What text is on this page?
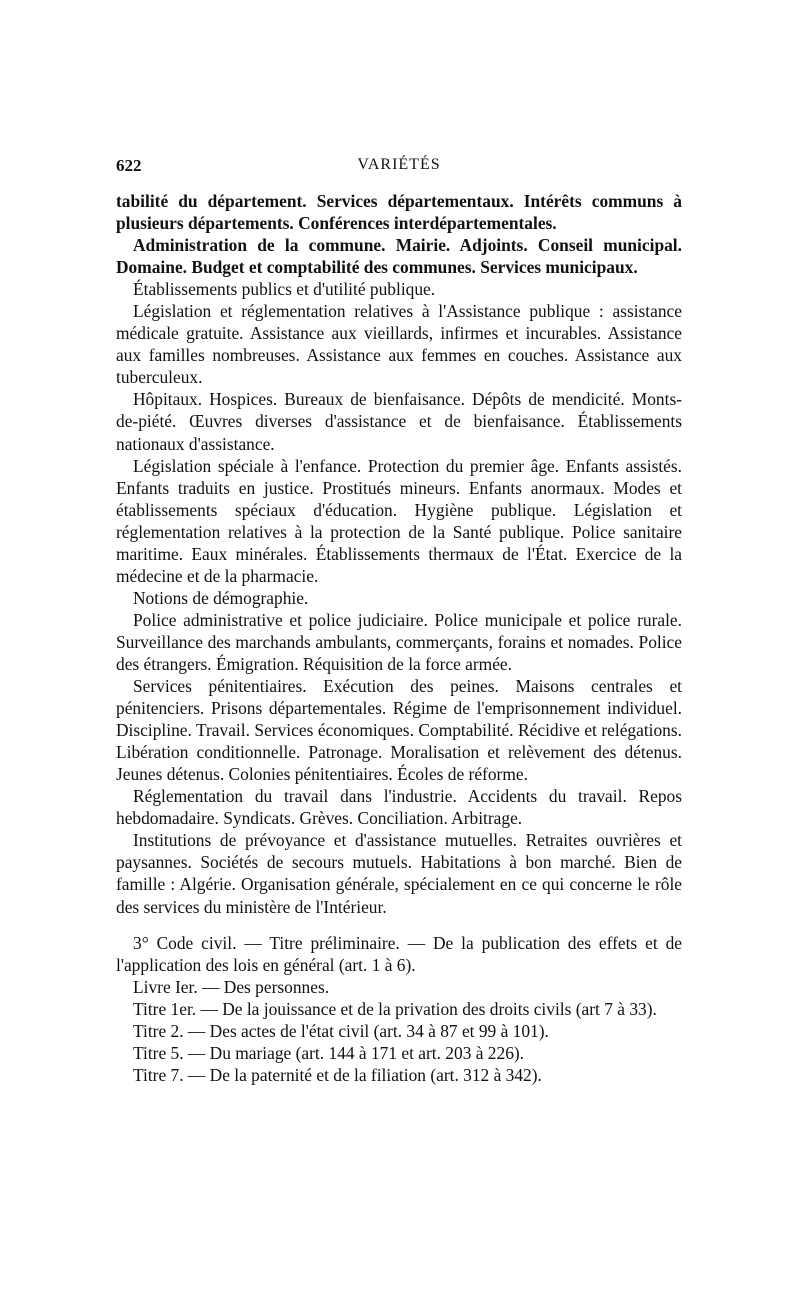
622	VARIÉTÉS

tabilité du département. Services départementaux. Intérêts communs à plusieurs départements. Conférences interdépartementales.

Administration de la commune. Mairie. Adjoints. Conseil municipal. Domaine. Budget et comptabilité des communes. Services municipaux.

Établissements publics et d'utilité publique.

Législation et réglementation relatives à l'Assistance publique : assistance médicale gratuite. Assistance aux vieillards, infirmes et incurables. Assistance aux familles nombreuses. Assistance aux femmes en couches. Assistance aux tuberculeux.

Hôpitaux. Hospices. Bureaux de bienfaisance. Dépôts de mendicité. Monts-de-piété. Œuvres diverses d'assistance et de bienfaisance. Établissements nationaux d'assistance.

Législation spéciale à l'enfance. Protection du premier âge. Enfants assistés. Enfants traduits en justice. Prostitués mineurs. Enfants anormaux. Modes et établissements spéciaux d'éducation. Hygiène publique. Législation et réglementation relatives à la protection de la Santé publique. Police sanitaire maritime. Eaux minérales. Établissements thermaux de l'État. Exercice de la médecine et de la pharmacie.

Notions de démographie.

Police administrative et police judiciaire. Police municipale et police rurale. Surveillance des marchands ambulants, commerçants, forains et nomades. Police des étrangers. Émigration. Réquisition de la force armée.

Services pénitentiaires. Exécution des peines. Maisons centrales et pénitenciers. Prisons départementales. Régime de l'emprisonnement individuel. Discipline. Travail. Services économiques. Comptabilité. Récidive et relégations. Libération conditionnelle. Patronage. Moralisation et relèvement des détenus. Jeunes détenus. Colonies pénitentiaires. Écoles de réforme.

Réglementation du travail dans l'industrie. Accidents du travail. Repos hebdomadaire. Syndicats. Grèves. Conciliation. Arbitrage.

Institutions de prévoyance et d'assistance mutuelles. Retraites ouvrières et paysannes. Sociétés de secours mutuels. Habitations à bon marché. Bien de famille : Algérie. Organisation générale, spécialement en ce qui concerne le rôle des services du ministère de l'Intérieur.

3° Code civil. — Titre préliminaire. — De la publication des effets et de l'application des lois en général (art. 1 à 6).

Livre Ier. — Des personnes.

Titre 1er. — De la jouissance et de la privation des droits civils (art 7 à 33).

Titre 2. — Des actes de l'état civil (art. 34 à 87 et 99 à 101).

Titre 5. — Du mariage (art. 144 à 171 et art. 203 à 226).

Titre 7. — De la paternité et de la filiation (art. 312 à 342).
